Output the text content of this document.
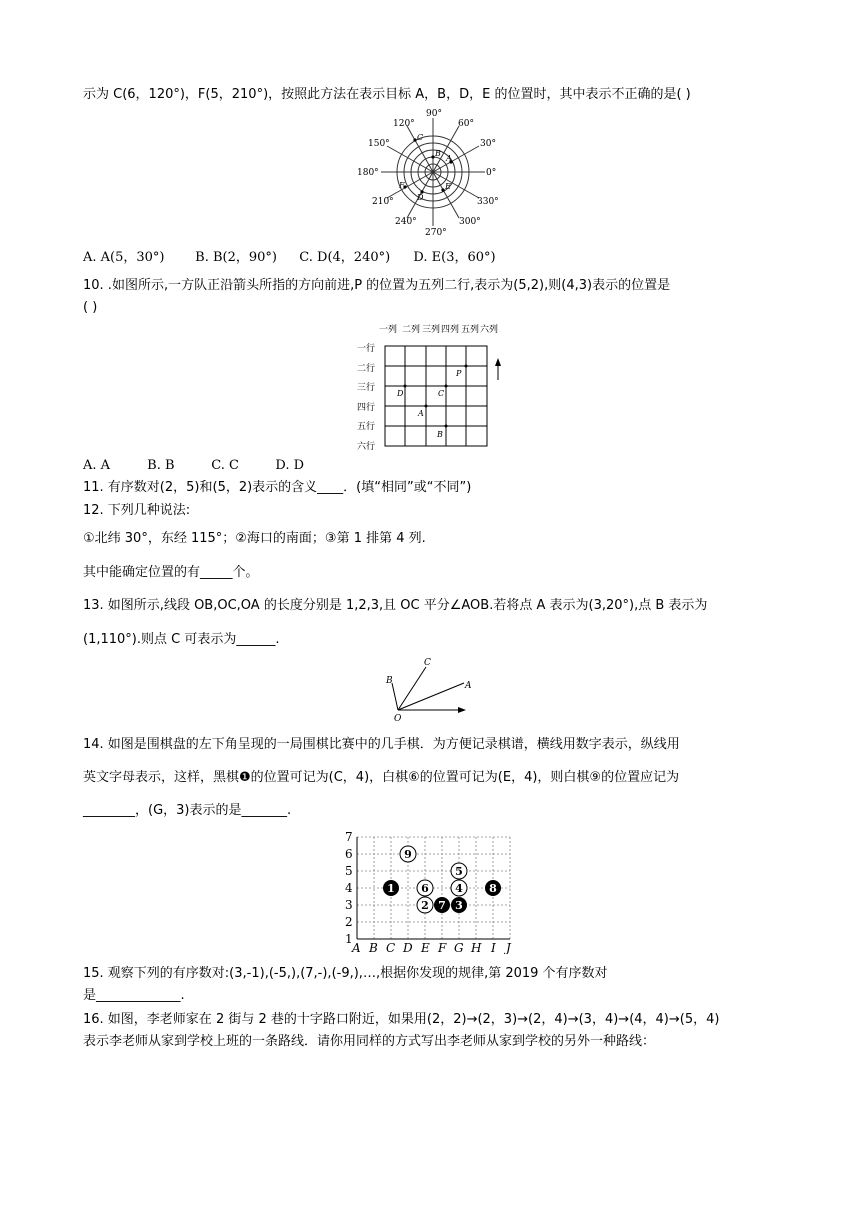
示为 C(6，120°)，F(5，210°)，按照此方法在表示目标 A，B，D，E 的位置时，其中表示不正确的是( )
90°
60°
30°
0°
330°
300°
270°
240°
210°
180°
150°
120°
C
B
A
D
F	E
A. A(5，30°) B. B(2，90°) C. D(4，240°) D. E(3，60°)
10. .如图所示,一方队正沿箭头所指的方向前进,P 的位置为五列二行,表示为(5,2),则(4,3)表示的位置是
( )
一列 二列 三列 四列 五列 六列
一行
二行
三行
四行
五行
六行
P
D	C
A
B
A. A	B. B	C. C	D. D
11. 有序数对(2，5)和(5，2)表示的含义____．(填“相同”或“不同”)
12. 下列几种说法:
①北纬 30°，东经 115°；②海口的南面；③第 1 排第 4 列.
其中能确定位置的有_____个。
13. 如图所示,线段 OB,OC,OA 的长度分别是 1,2,3,且 OC 平分∠AOB.若将点 A 表示为(3,20°),点 B 表示为
(1,110°).则点 C 可表示为______.
C
B	A
O
14. 如图是围棋盘的左下角呈现的一局围棋比赛中的几手棋．为方便记录棋谱，横线用数字表示，纵线用
英文字母表示，这样，黑棋❶的位置可记为(C，4)，白棋⑥的位置可记为(E，4)，则白棋⑨的位置应记为
________，(G，3)表示的是_______.
7
6
5
4
3
2
1
A B C D E F G H I J
9
5
1 6 4 8
2 7 3
15. 观察下列的有序数对:(3,-1),(-5,),(7,-),(-9,),…,根据你发现的规律,第 2019 个有序数对
是_____________.
16. 如图，李老师家在 2 街与 2 巷的十字路口附近，如果用(2，2)→(2，3)→(2，4)→(3，4)→(4，4)→(5，4)
表示李老师从家到学校上班的一条路线．请你用同样的方式写出李老师从家到学校的另外一种路线：
